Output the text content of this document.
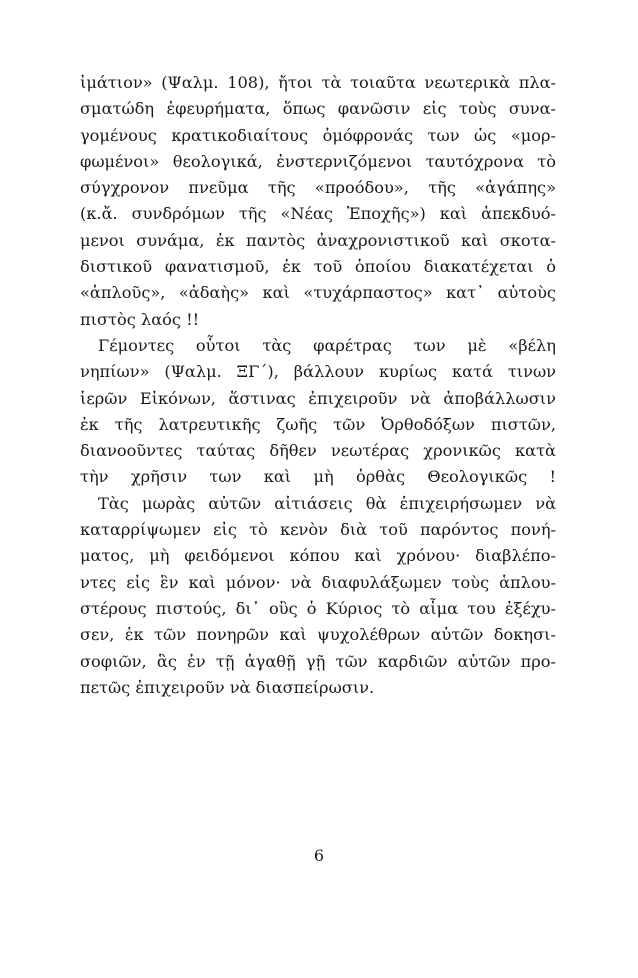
ἱμάτιον» (Ψαλμ. 108), ἤτοι τὰ τοιαῦτα νεωτερικὰ πλα-
σματώδη ἐφευρήματα, ὅπως φανῶσιν εἰς τοὺς συνα-
γομένους κρατικοδιαίτους ὁμόφρονάς των ὡς «μορ-
φωμένοι» θεολογικά, ἐνστερνιζόμενοι ταυτόχρονα τὸ
σύγχρονον πνεῦμα τῆς «προόδου», τῆς «ἀγάπης»
(κ.ἄ. συνδρόμων τῆς «Νέας Ἐποχῆς») καὶ ἀπεκδυό-
μενοι συνάμα, ἐκ παντὸς ἀναχρονιστικοῦ καὶ σκοτα-
διστικοῦ φανατισμοῦ, ἐκ τοῦ ὁποίου διακατέχεται ὁ
«ἁπλοῦς», «ἀδαὴς» καὶ «τυχάρπαστος» κατ᾽ αὐτοὺς
πιστὸς λαός !!
Γέμοντες οὗτοι τὰς φαρέτρας των μὲ «βέλη
νηπίων» (Ψαλμ. ΞΓ΄), βάλλουν κυρίως κατά τινων
ἱερῶν Εἰκόνων, ἅστινας ἐπιχειροῦν νὰ ἀποβάλλωσιν
ἐκ τῆς λατρευτικῆς ζωῆς τῶν Ὀρθοδόξων πιστῶν,
διανοοῦντες ταύτας δῆθεν νεωτέρας χρονικῶς κατὰ
τὴν χρῆσιν των καὶ μὴ ὀρθὰς Θεολογικῶς !
Τὰς μωρὰς αὐτῶν αἰτιάσεις θὰ ἐπιχειρήσωμεν νὰ
καταρρίψωμεν εἰς τὸ κενὸν διὰ τοῦ παρόντος πονή-
ματος, μὴ φειδόμενοι κόπου καὶ χρόνου· διαβλέπο-
ντες εἰς ἓν καὶ μόνον· νὰ διαφυλάξωμεν τοὺς ἁπλου-
στέρους πιστούς, δι᾽ οὓς ὁ Κύριος τὸ αἷμα του ἐξέχυ-
σεν, ἐκ τῶν πονηρῶν καὶ ψυχολέθρων αὐτῶν δοκησι-
σοφιῶν, ἃς ἐν τῇ ἀγαθῇ γῇ τῶν καρδιῶν αὐτῶν προ-
πετῶς ἐπιχειροῦν νὰ διασπείρωσιν.
6
